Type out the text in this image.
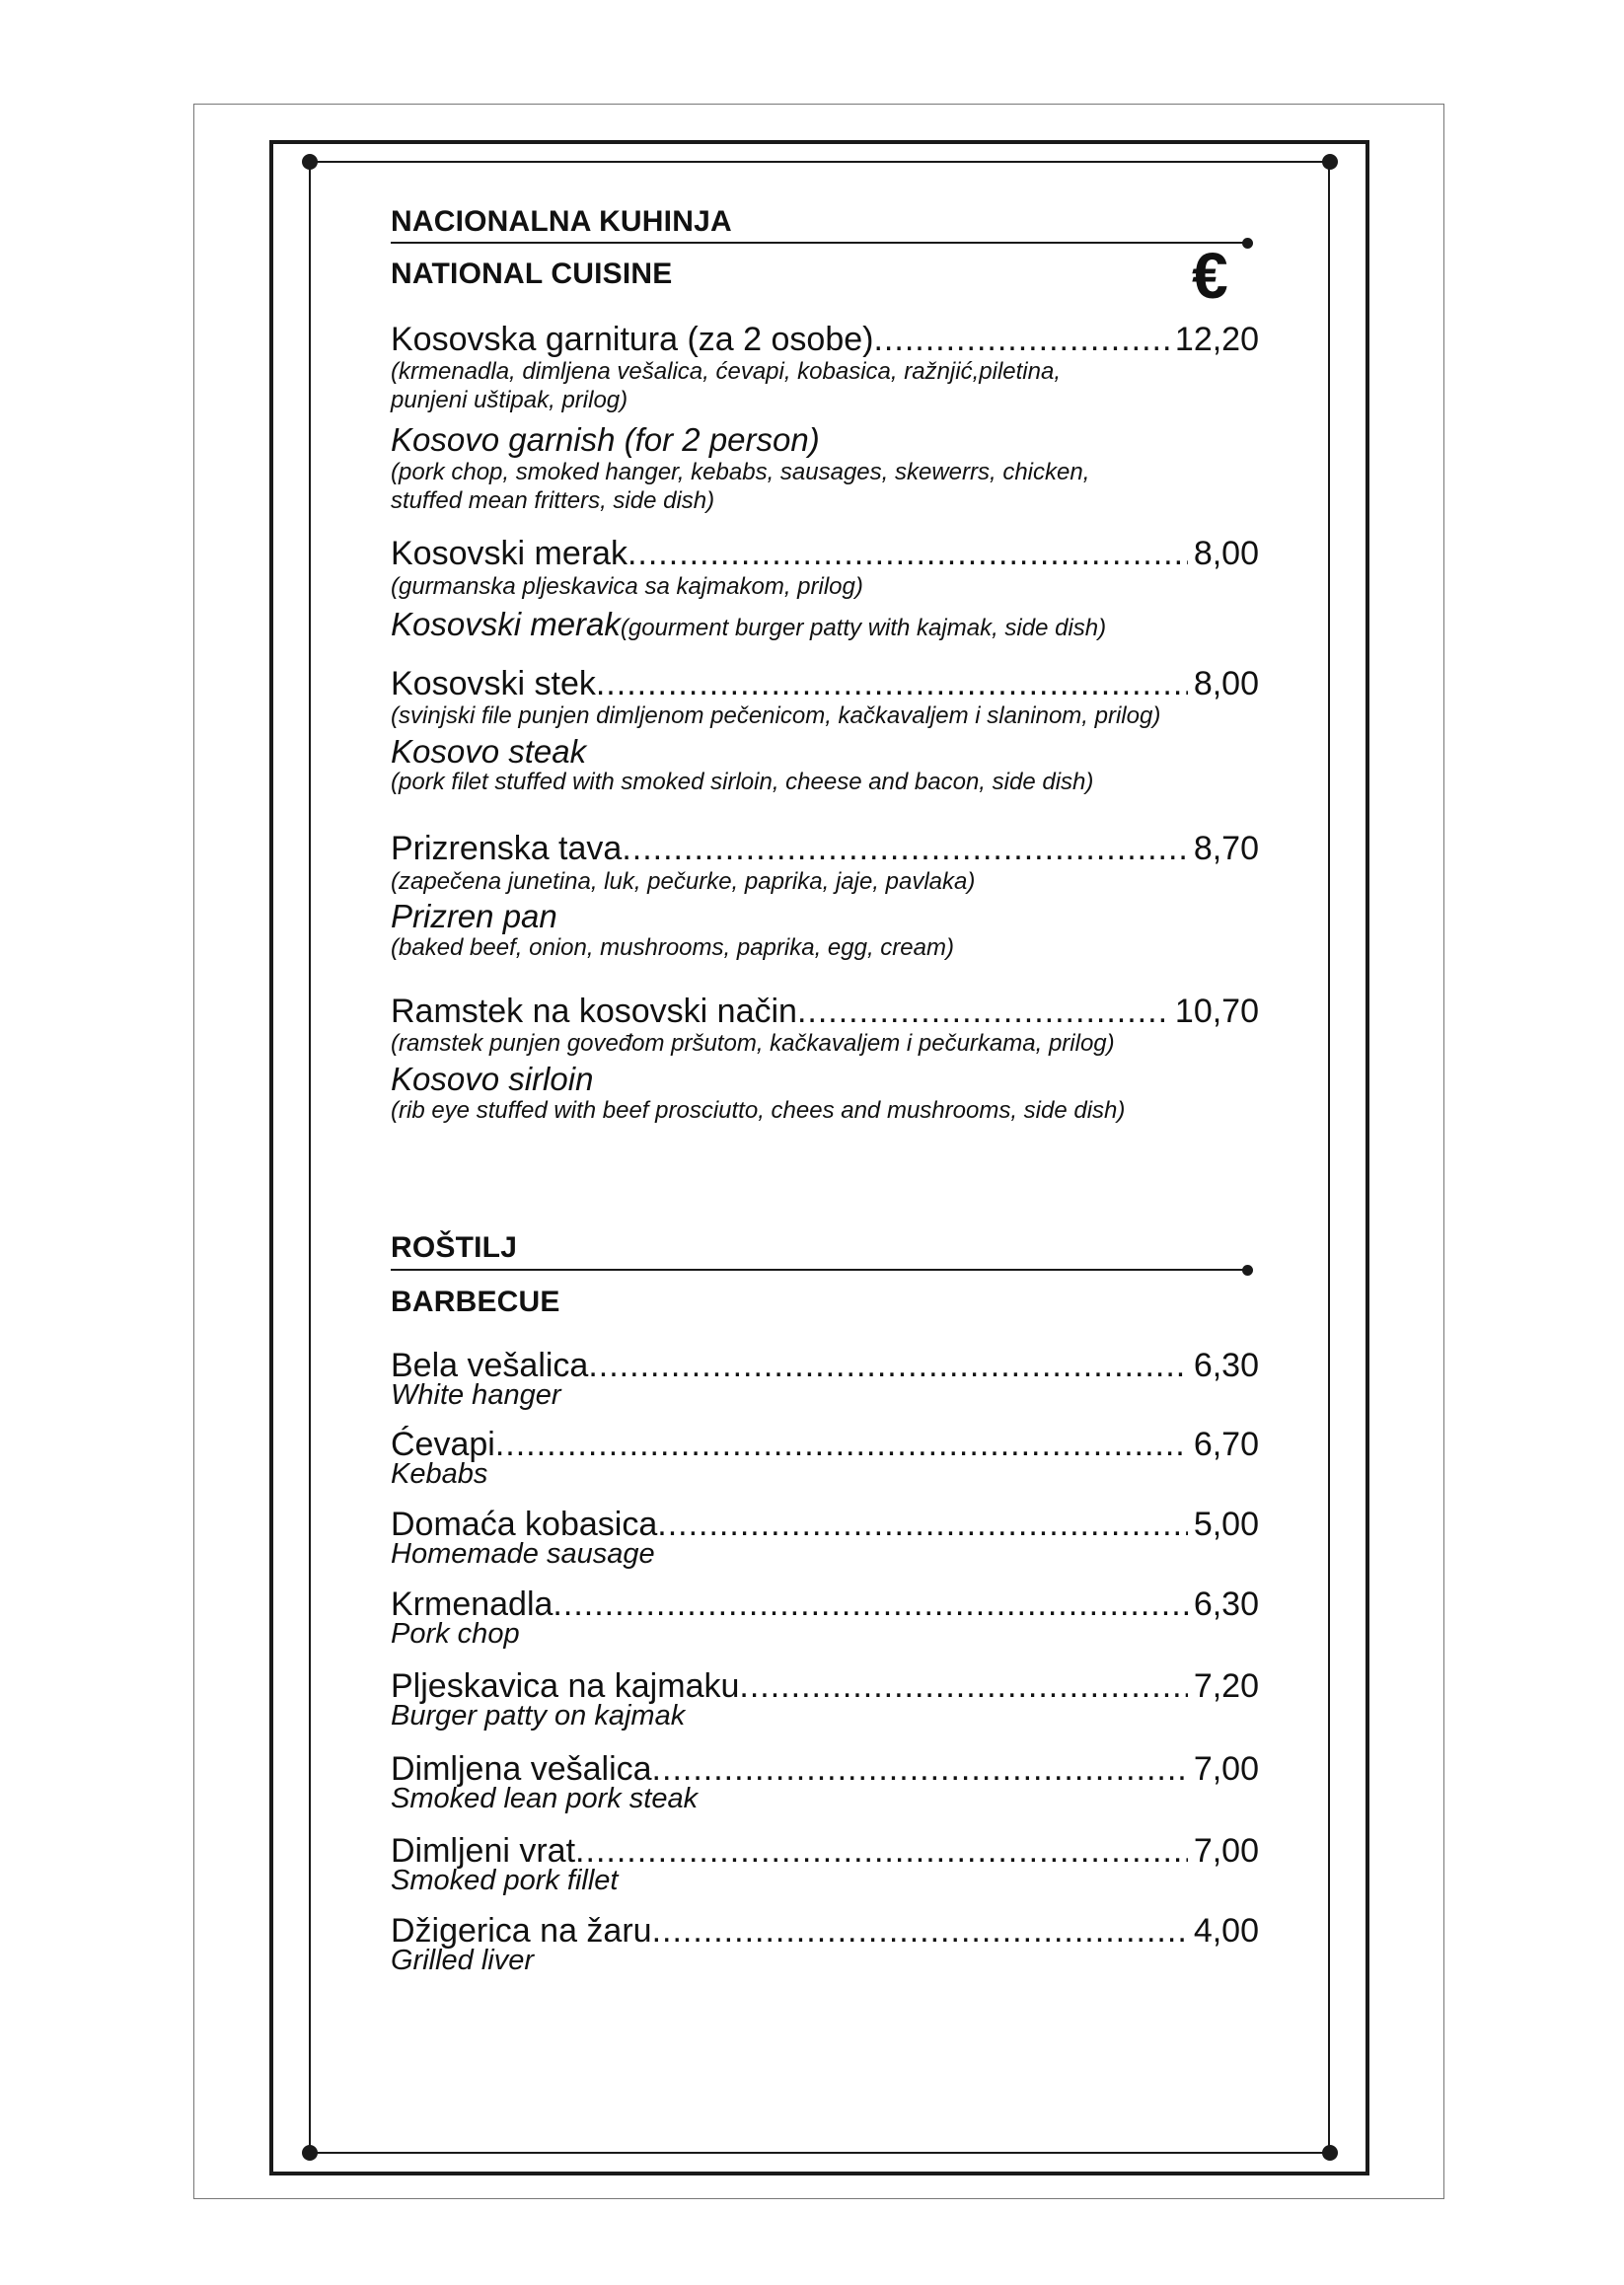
NACIONALNA KUHINJA
NATIONAL CUISINE	€
Kosovska garnitura (za 2 osobe) .....	12,20
(krmenadla, dimljena vešalica, ćevapi, kobasica, ražnjić,piletina,
punjeni uštipak, prilog)
Kosovo garnish (for 2 person)
(pork chop, smoked hanger, kebabs, sausages, skewerrs, chicken,
stuffed mean fritters, side dish)
Kosovski merak .....	8,00
(gurmanska pljeskavica sa kajmakom, prilog)
Kosovski merak(gourment burger patty with kajmak, side dish)
Kosovski stek .....	8,00
(svinjski file punjen dimljenom pečenicom, kačkavaljem i slaninom, prilog)
Kosovo steak
(pork filet stuffed with smoked sirloin, cheese and bacon, side dish)
Prizrenska tava .....	8,70
(zapečena junetina, luk, pečurke, paprika, jaje, pavlaka)
Prizren pan
(baked beef, onion, mushrooms, paprika, egg, cream)
Ramstek na kosovski način .....	10,70
(ramstek punjen goveđom pršutom, kačkavaljem i pečurkama, prilog)
Kosovo sirloin
(rib eye stuffed with beef prosciutto, chees and mushrooms, side dish)
ROŠTILJ
BARBECUE
Bela vešalica .....	6,30
White hanger
Ćevapi .....	6,70
Kebabs
Domaća kobasica .....	5,00
Homemade sausage
Krmenadla .....	6,30
Pork chop
Pljeskavica na kajmaku .....	7,20
Burger patty on kajmak
Dimljena vešalica .....	7,00
Smoked lean pork steak
Dimljeni vrat .....	7,00
Smoked pork fillet
Džigerica na žaru .....	4,00
Grilled liver
